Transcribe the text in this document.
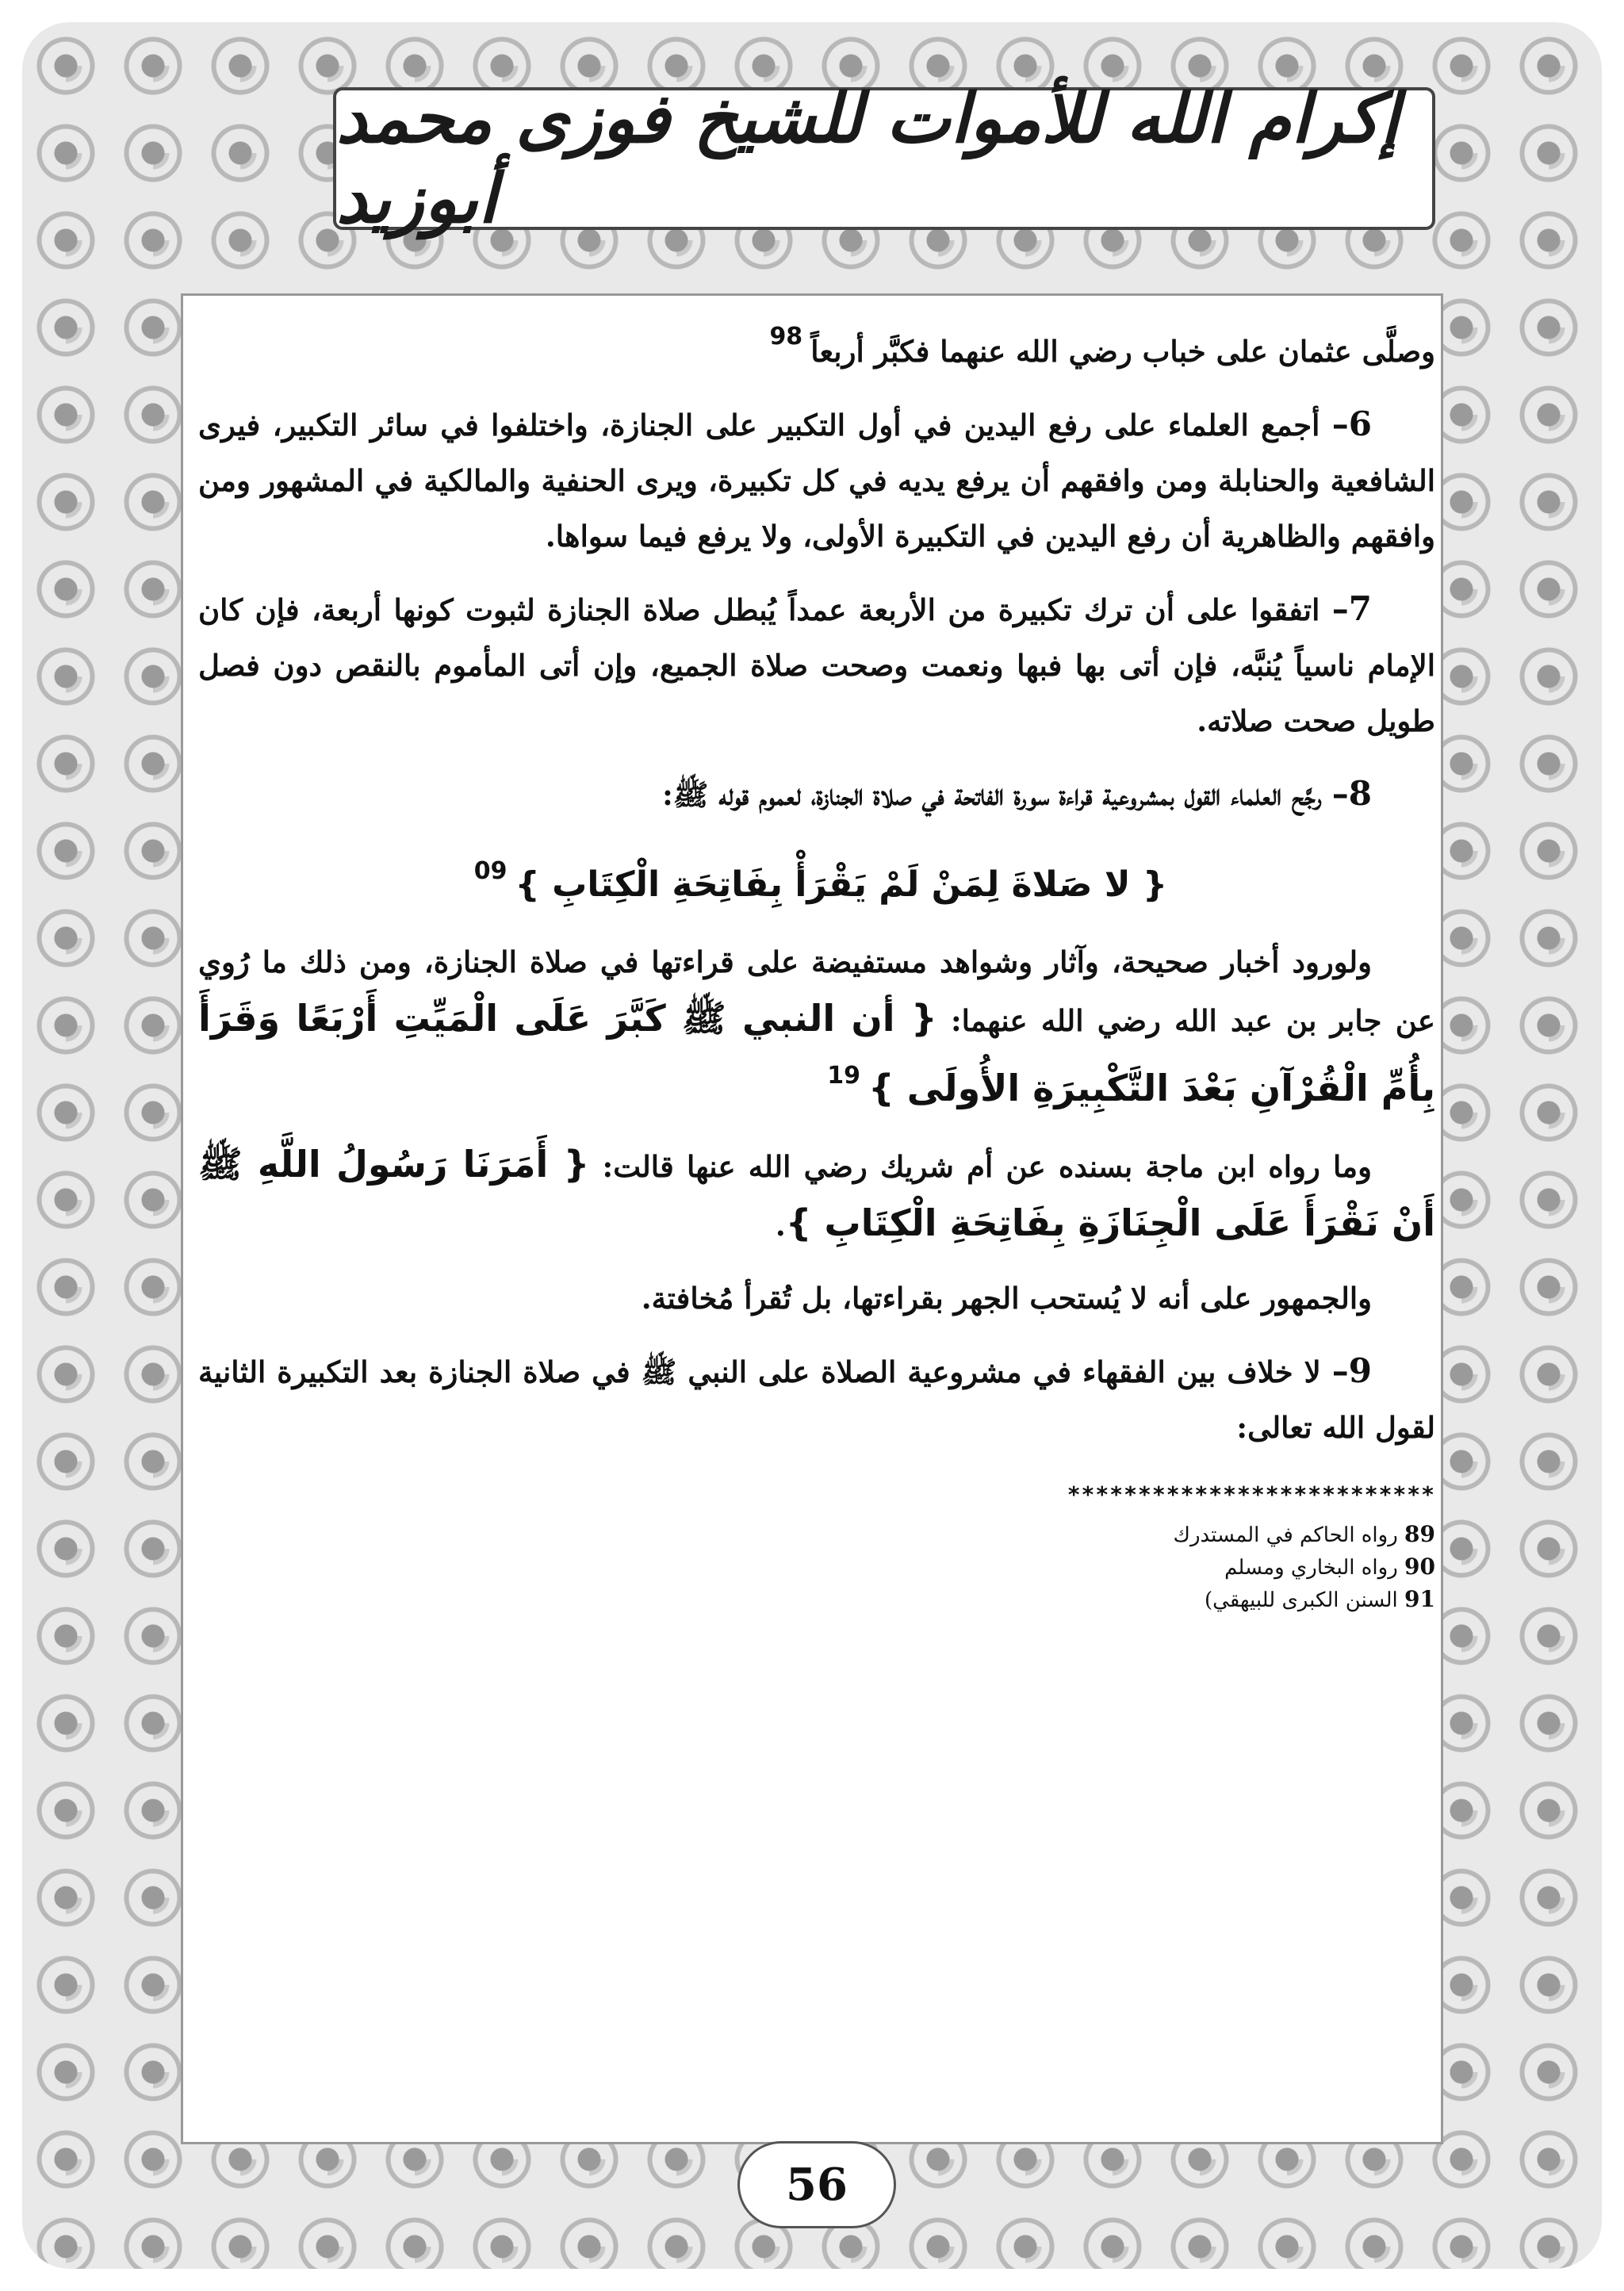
إكرام الله للأموات للشيخ فوزى محمد أبوزيد

وصلَّى عثمان على خباب رضي الله عنهما فكبَّر أربعاً$^{98}$

6– أجمع العلماء على رفع اليدين في أول التكبير على الجنازة، واختلفوا في سائر التكبير، فيرى الشافعية والحنابلة ومن وافقهم أن يرفع يديه في كل تكبيرة، ويرى الحنفية والمالكية في المشهور ومن وافقهم والظاهرية أن رفع اليدين في التكبيرة الأولى، ولا يرفع فيما سواها.

7– اتفقوا على أن ترك تكبيرة من الأربعة عمداً يُبطل صلاة الجنازة لثبوت كونها أربعة، فإن كان الإمام ناسياً يُنبَّه، فإن أتى بها فبها ونعمت وصحت صلاة الجميع، وإن أتى المأموم بالنقص دون فصل طويل صحت صلاته.

8– رجَّح العلماء القول بمشروعية قراءة سورة الفاتحة في صلاة الجنازة، لعموم قوله ﷺ:

{ لا صَلاةَ لِمَنْ لَمْ يَقْرَأْ بِفَاتِحَةِ الْكِتَابِ }$^{09}$

ولورود أخبار صحيحة، وآثار وشواهد مستفيضة على قراءتها في صلاة الجنازة، ومن ذلك ما رُوي عن جابر بن عبد الله رضي الله عنهما: { أن النبي ﷺ كَبَّرَ عَلَى الْمَيِّتِ أَرْبَعًا وَقَرَأَ بِأُمِّ الْقُرْآنِ بَعْدَ التَّكْبِيرَةِ الأُولَى }$^{19}$

وما رواه ابن ماجة بسنده عن أم شريك رضي الله عنها قالت: { أَمَرَنَا رَسُولُ اللَّهِ ﷺ أَنْ نَقْرَأَ عَلَى الْجِنَازَةِ بِفَاتِحَةِ الْكِتَابِ }.

والجمهور على أنه لا يُستحب الجهر بقراءتها، بل تُقرأ مُخافتة.

9– لا خلاف بين الفقهاء في مشروعية الصلاة على النبي ﷺ في صلاة الجنازة بعد التكبيرة الثانية لقول الله تعالى:

**************************
89 رواه الحاكم في المستدرك
90 رواه البخاري ومسلم
91 السنن الكبرى للبيهقي)
56
